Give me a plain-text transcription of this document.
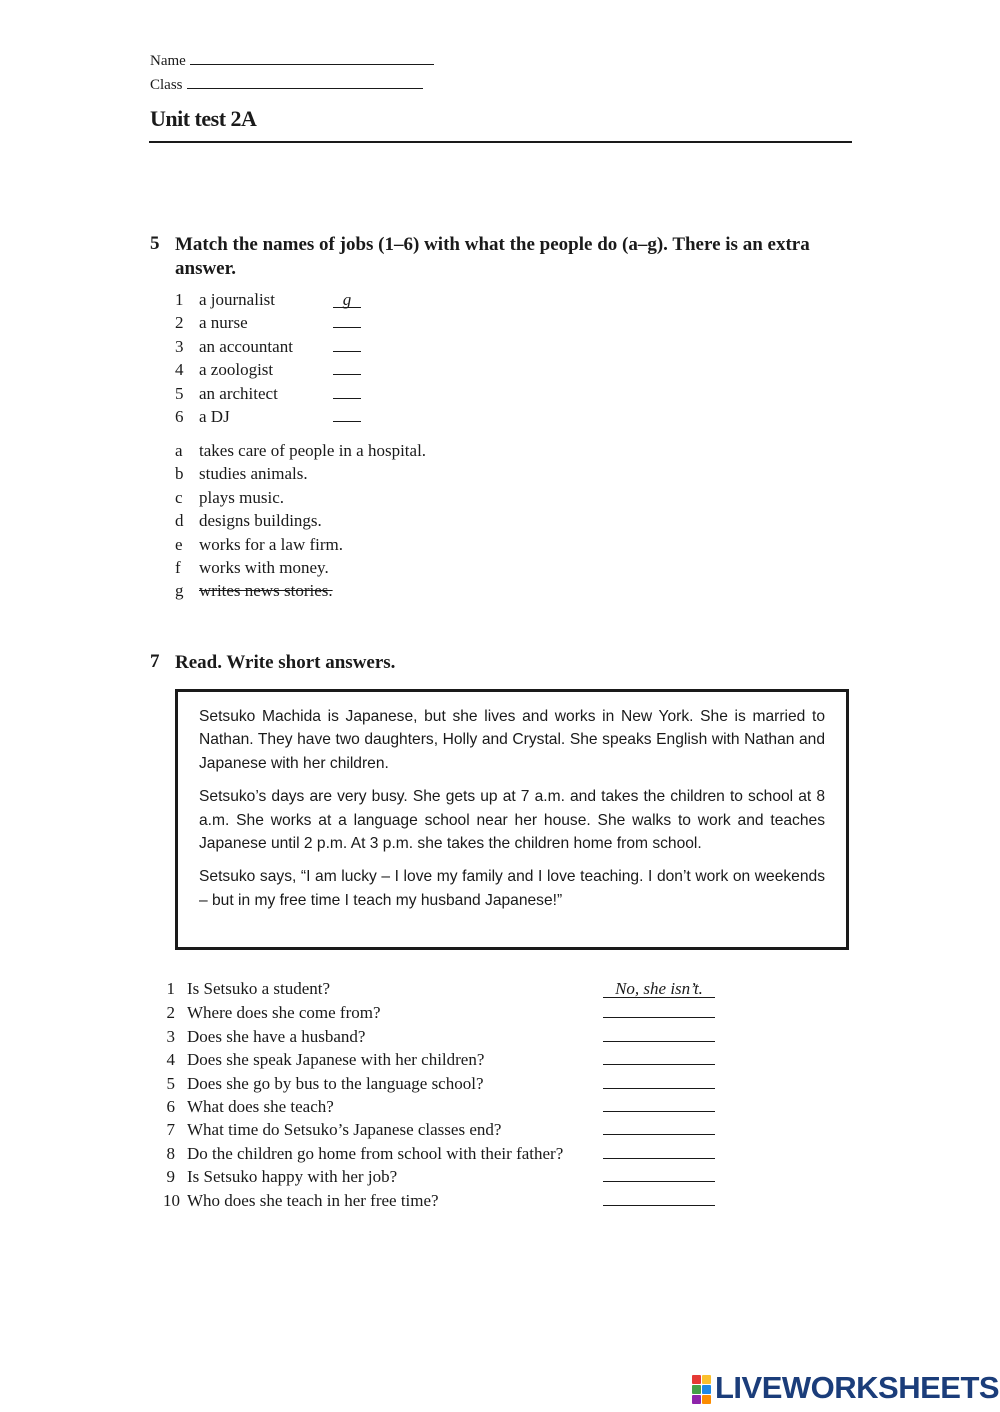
Name
Class
Unit test 2A
5 Match the names of jobs (1–6) with what the people do (a–g). There is an extra answer.
1 a journalist	g
2 a nurse
3 an accountant
4 a zoologist
5 an architect
6 a DJ
a takes care of people in a hospital.
b studies animals.
c plays music.
d designs buildings.
e works for a law firm.
f works with money.
g writes news stories.
7 Read. Write short answers.

Setsuko Machida is Japanese, but she lives and works in New York. She is married to Nathan. They have two daughters, Holly and Crystal. She speaks English with Nathan and Japanese with her children.

Setsuko’s days are very busy. She gets up at 7 a.m. and takes the children to school at 8 a.m. She works at a language school near her house. She walks to work and teaches Japanese until 2 p.m. At 3 p.m. she takes the children home from school.

Setsuko says, “I am lucky – I love my family and I love teaching. I don’t work on weekends – but in my free time I teach my husband Japanese!”

1 Is Setsuko a student?	No, she isn’t.
2 Where does she come from?
3 Does she have a husband?
4 Does she speak Japanese with her children?
5 Does she go by bus to the language school?
6 What does she teach?
7 What time do Setsuko’s Japanese classes end?
8 Do the children go home from school with their father?
9 Is Setsuko happy with her job?
10 Who does she teach in her free time?
LIVEWORKSHEETS
